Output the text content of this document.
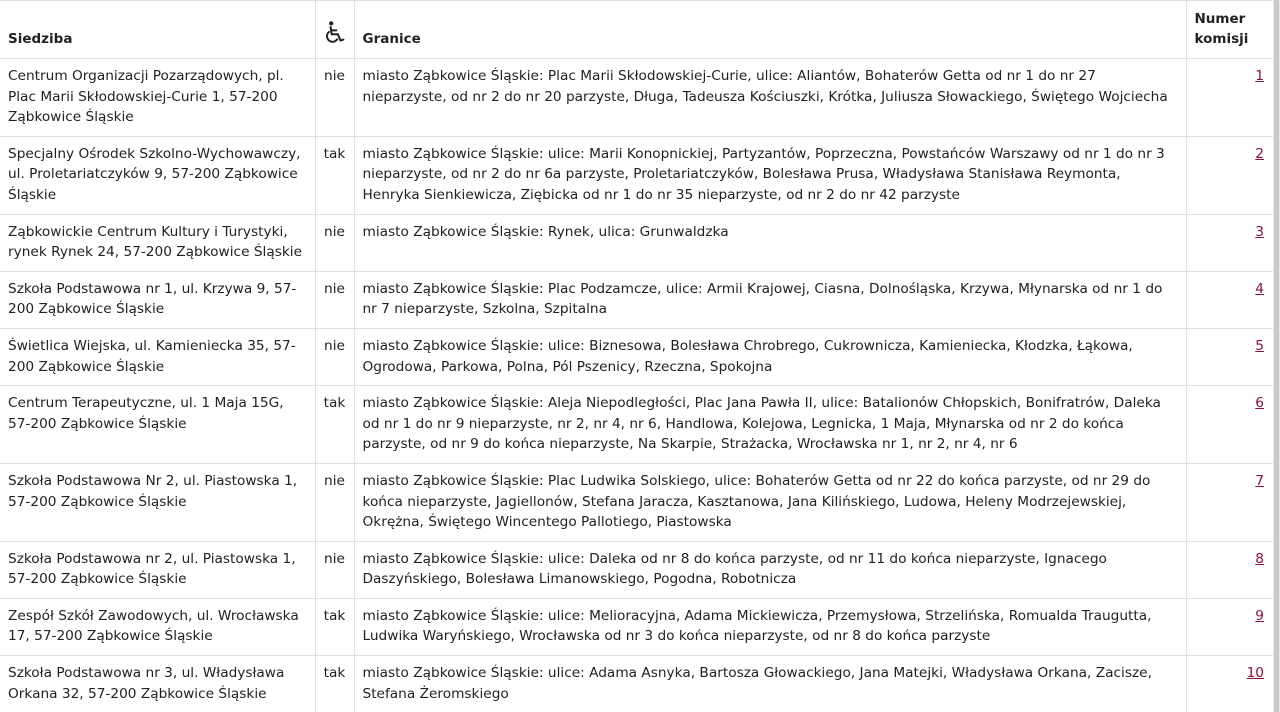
Siedziba		Granice	Numer
komisji
Centrum Organizacji Pozarządowych, pl. Plac Marii Skłodowskiej-Curie 1, 57-200 Ząbkowice Śląskie	nie	miasto Ząbkowice Śląskie: Plac Marii Skłodowskiej-Curie, ulice: Aliantów, Bohaterów Getta od nr 1 do nr 27 nieparzyste, od nr 2 do nr 20 parzyste, Długa, Tadeusza Kościuszki, Krótka, Juliusza Słowackiego, Świętego Wojciecha	1
Specjalny Ośrodek Szkolno-Wychowawczy, ul. Proletariatczyków 9, 57-200 Ząbkowice Śląskie	tak	miasto Ząbkowice Śląskie: ulice: Marii Konopnickiej, Partyzantów, Poprzeczna, Powstańców Warszawy od nr 1 do nr 3 nieparzyste, od nr 2 do nr 6a parzyste, Proletariatczyków, Bolesława Prusa, Władysława Stanisława Reymonta, Henryka Sienkiewicza, Ziębicka od nr 1 do nr 35 nieparzyste, od nr 2 do nr 42 parzyste	2
Ząbkowickie Centrum Kultury i Turystyki, rynek Rynek 24, 57-200 Ząbkowice Śląskie	nie	miasto Ząbkowice Śląskie: Rynek, ulica: Grunwaldzka	3
Szkoła Podstawowa nr 1, ul. Krzywa 9, 57-200 Ząbkowice Śląskie	nie	miasto Ząbkowice Śląskie: Plac Podzamcze, ulice: Armii Krajowej, Ciasna, Dolnośląska, Krzywa, Młynarska od nr 1 do nr 7 nieparzyste, Szkolna, Szpitalna	4
Świetlica Wiejska, ul. Kamieniecka 35, 57-200 Ząbkowice Śląskie	nie	miasto Ząbkowice Śląskie: ulice: Biznesowa, Bolesława Chrobrego, Cukrownicza, Kamieniecka, Kłodzka, Łąkowa, Ogrodowa, Parkowa, Polna, Pól Pszenicy, Rzeczna, Spokojna	5
Centrum Terapeutyczne, ul. 1 Maja 15G, 57-200 Ząbkowice Śląskie	tak	miasto Ząbkowice Śląskie: Aleja Niepodległości, Plac Jana Pawła II, ulice: Batalionów Chłopskich, Bonifratrów, Daleka od nr 1 do nr 9 nieparzyste, nr 2, nr 4, nr 6, Handlowa, Kolejowa, Legnicka, 1 Maja, Młynarska od nr 2 do końca parzyste, od nr 9 do końca nieparzyste, Na Skarpie, Strażacka, Wrocławska nr 1, nr 2, nr 4, nr 6	6
Szkoła Podstawowa Nr 2, ul. Piastowska 1, 57-200 Ząbkowice Śląskie	nie	miasto Ząbkowice Śląskie: Plac Ludwika Solskiego, ulice: Bohaterów Getta od nr 22 do końca parzyste, od nr 29 do końca nieparzyste, Jagiellonów, Stefana Jaracza, Kasztanowa, Jana Kilińskiego, Ludowa, Heleny Modrzejewskiej, Okrężna, Świętego Wincentego Pallotiego, Piastowska	7
Szkoła Podstawowa nr 2, ul. Piastowska 1, 57-200 Ząbkowice Śląskie	nie	miasto Ząbkowice Śląskie: ulice: Daleka od nr 8 do końca parzyste, od nr 11 do końca nieparzyste, Ignacego Daszyńskiego, Bolesława Limanowskiego, Pogodna, Robotnicza	8
Zespół Szkół Zawodowych, ul. Wrocławska 17, 57-200 Ząbkowice Śląskie	tak	miasto Ząbkowice Śląskie: ulice: Melioracyjna, Adama Mickiewicza, Przemysłowa, Strzelińska, Romualda Traugutta, Ludwika Waryńskiego, Wrocławska od nr 3 do końca nieparzyste, od nr 8 do końca parzyste	9
Szkoła Podstawowa nr 3, ul. Władysława Orkana 32, 57-200 Ząbkowice Śląskie	tak	miasto Ząbkowice Śląskie: ulice: Adama Asnyka, Bartosza Głowackiego, Jana Matejki, Władysława Orkana, Zacisze, Stefana Żeromskiego	10
